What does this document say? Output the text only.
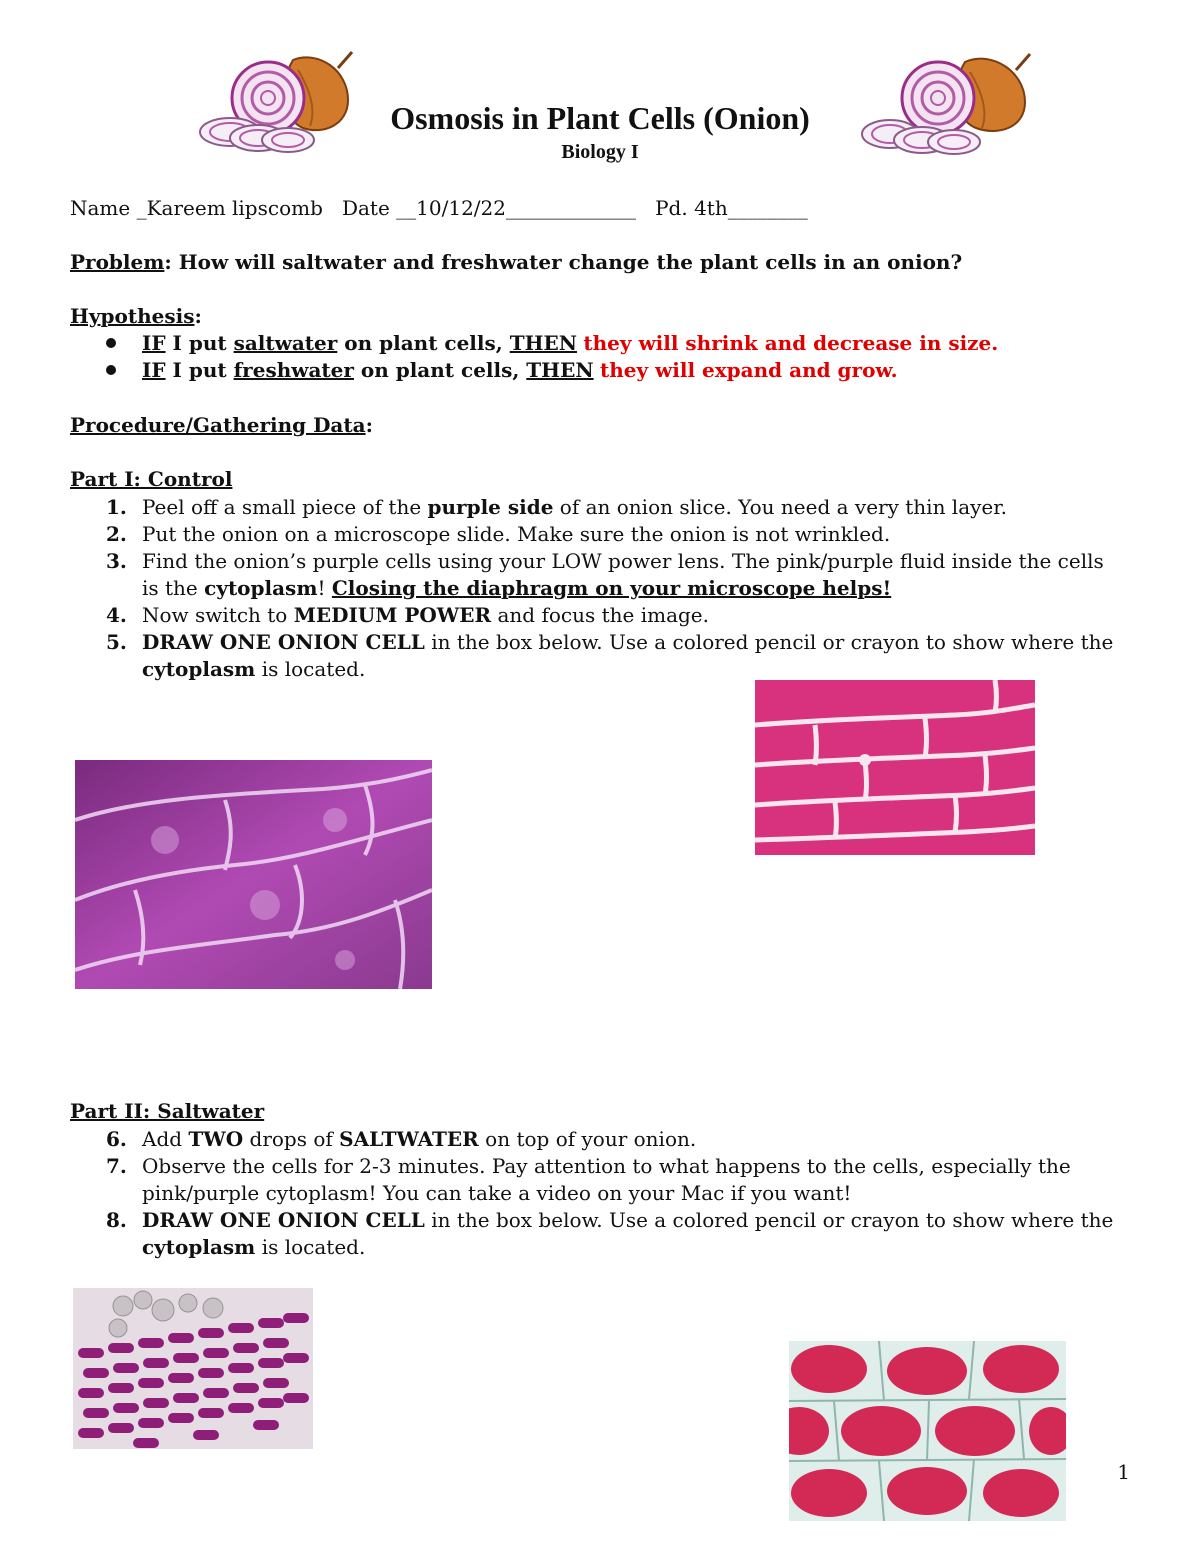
Osmosis in Plant Cells (Onion)
Biology I
Name _Kareem lipscomb Date __10/12/22_____________ Pd. 4th________
Problem: How will saltwater and freshwater change the plant cells in an onion?
Hypothesis:
IF I put saltwater on plant cells, THEN they will shrink and decrease in size.
IF I put freshwater on plant cells, THEN they will expand and grow.
Procedure/Gathering Data:
Part I: Control
1. Peel off a small piece of the purple side of an onion slice. You need a very thin layer.
2. Put the onion on a microscope slide. Make sure the onion is not wrinkled.
3. Find the onion’s purple cells using your LOW power lens. The pink/purple fluid inside the cells is the cytoplasm! Closing the diaphragm on your microscope helps!
4. Now switch to MEDIUM POWER and focus the image.
5. DRAW ONE ONION CELL in the box below. Use a colored pencil or crayon to show where the cytoplasm is located.
Part II: Saltwater
6. Add TWO drops of SALTWATER on top of your onion.
7. Observe the cells for 2-3 minutes. Pay attention to what happens to the cells, especially the pink/purple cytoplasm! You can take a video on your Mac if you want!
8. DRAW ONE ONION CELL in the box below. Use a colored pencil or crayon to show where the cytoplasm is located.
1
